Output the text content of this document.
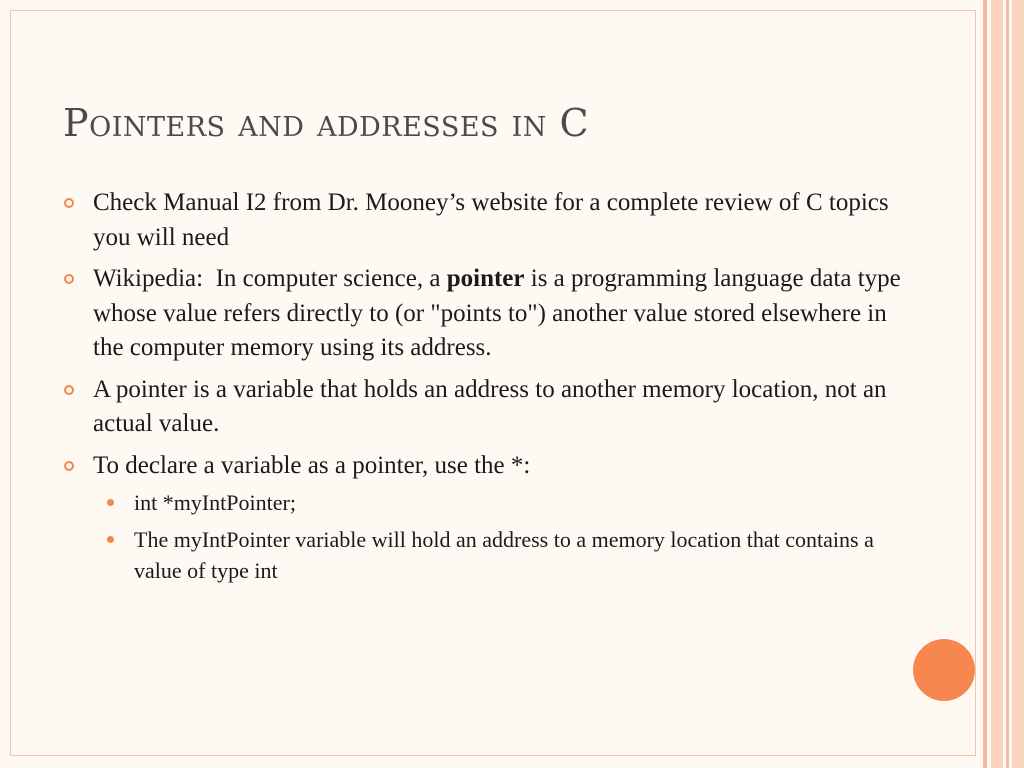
Pointers and addresses in C
Check Manual I2 from Dr. Mooney’s website for a complete review of C topics you will need
Wikipedia:  In computer science, a pointer is a programming language data type whose value refers directly to (or "points to") another value stored elsewhere in the computer memory using its address.
A pointer is a variable that holds an address to another memory location, not an actual value.
To declare a variable as a pointer, use the *:
int *myIntPointer;
The myIntPointer variable will hold an address to a memory location that contains a value of type int
